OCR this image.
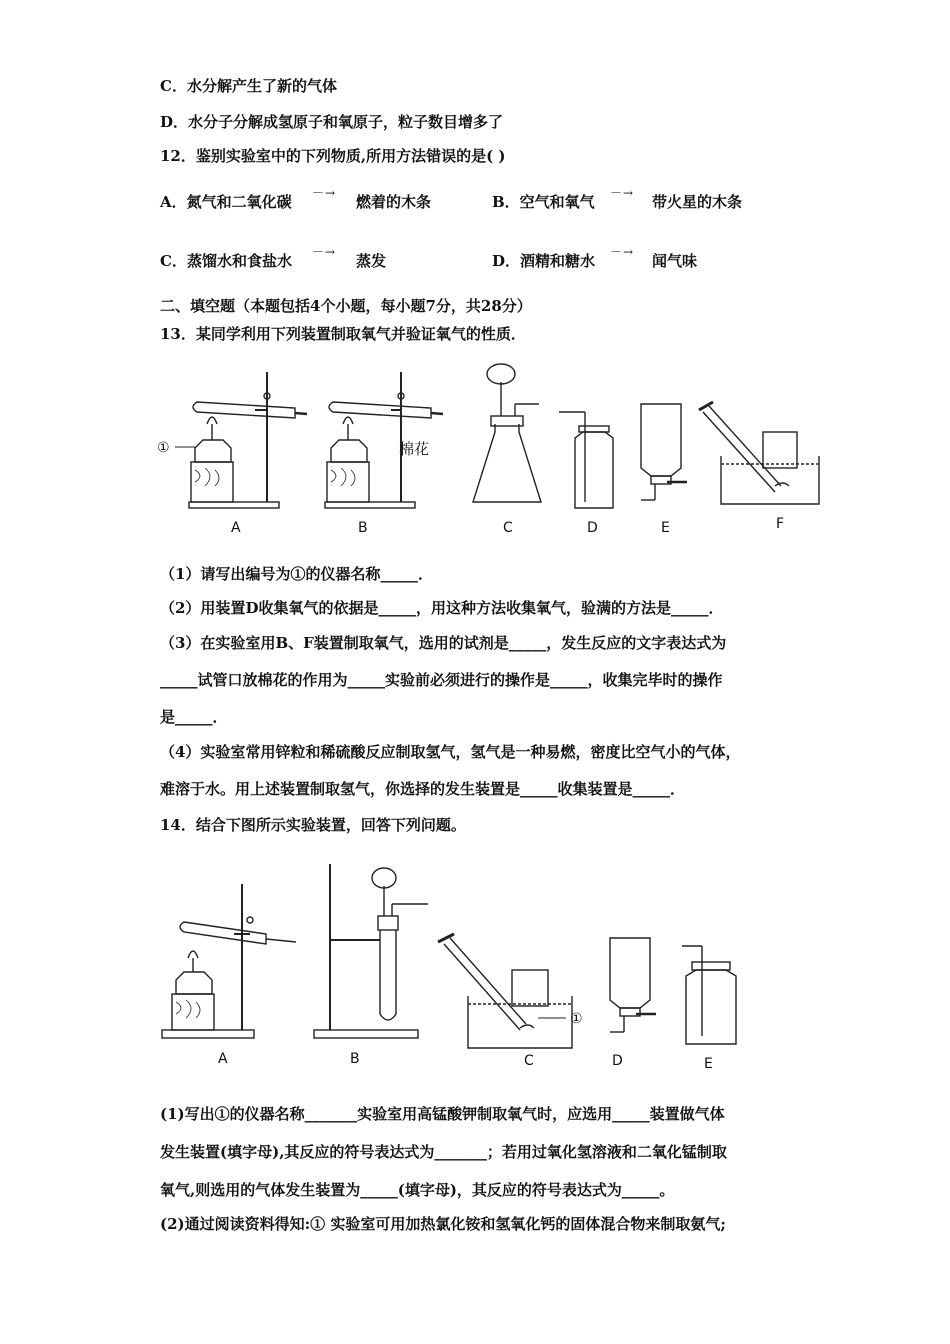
C．水分解产生了新的气体
D．水分子分解成氢原子和氧原子，粒子数目增多了
12．鉴别实验室中的下列物质,所用方法错误的是( )
A．氮气和二氧化碳 －→ 燃着的木条	B．空气和氧气 －→ 带火星的木条
C．蒸馏水和食盐水 －→ 蒸发	D．酒精和糖水 －→ 闻气味
二、填空题（本题包括4个小题，每小题7分，共28分）
13．某同学利用下列装置制取氧气并验证氧气的性质．
①
A
棉花
B	C	D	E	F
（1）请写出编号为①的仪器名称_____．
（2）用装置D收集氧气的依据是_____，用这种方法收集氧气，验满的方法是_____．
（3）在实验室用B、F装置制取氧气，选用的试剂是_____，发生反应的文字表达式为
_____试管口放棉花的作用为_____实验前必须进行的操作是_____，收集完毕时的操作
是_____．
（4）实验室常用锌粒和稀硫酸反应制取氢气，氢气是一种易燃，密度比空气小的气体，
难溶于水。用上述装置制取氢气，你选择的发生装置是_____收集装置是_____．
14．结合下图所示实验装置，回答下列问题。
A	B
①
C	D	E
(1)写出①的仪器名称_______实验室用高锰酸钾制取氧气时，应选用_____装置做气体
发生装置(填字母),其反应的符号表达式为_______；若用过氧化氢溶液和二氧化锰制取
氧气,则选用的气体发生装置为_____(填字母)，其反应的符号表达式为_____。
(2)通过阅读资料得知:① 实验室可用加热氯化铵和氢氧化钙的固体混合物来制取氨气;
